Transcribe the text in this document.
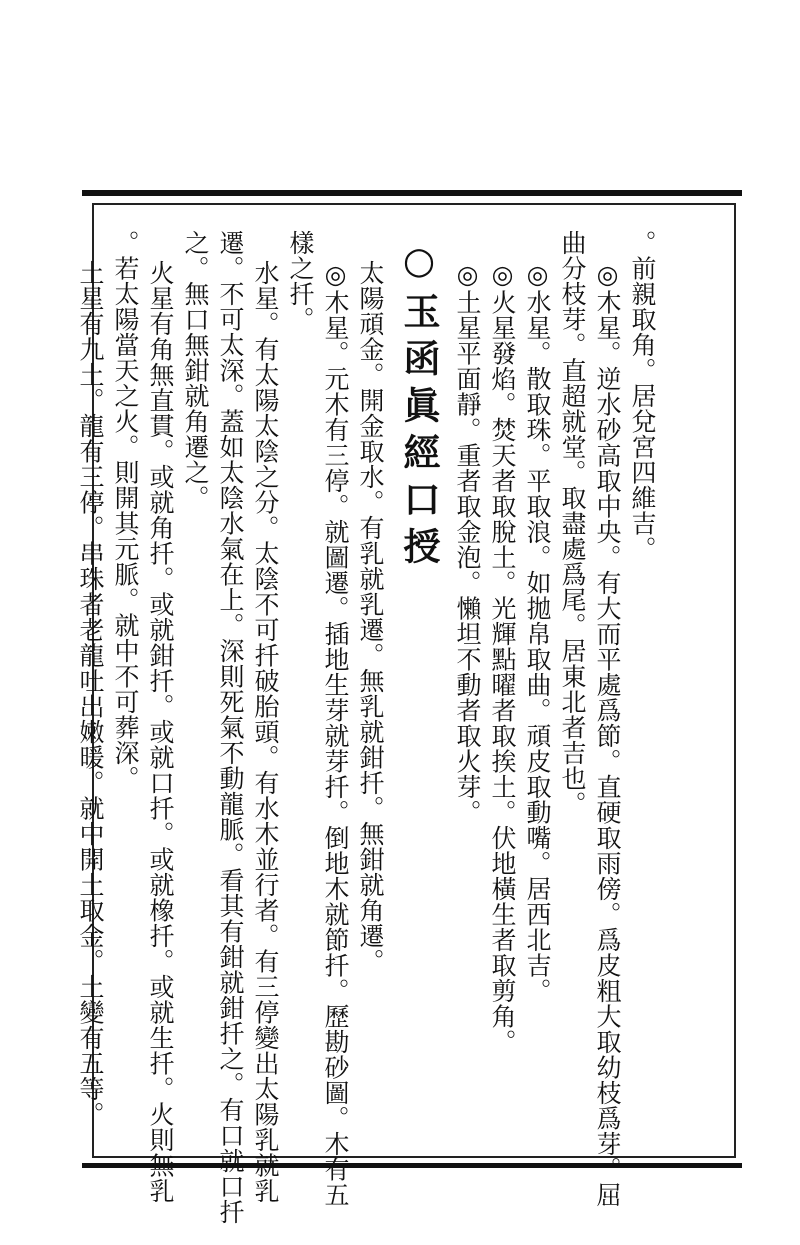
。前親取角。居兌宮四維吉。
◎木星。逆水砂高取中央。有大而平處爲節。直硬取雨傍。爲皮粗大取幼枝爲芽。屈
曲分枝芽。直超就堂。取盡處爲尾。居東北者吉也。
◎水星。散取珠。平取浪。如拋帛取曲。頑皮取動嘴。居西北吉。
◎火星發焰。焚天者取脫土。光輝點曜者取挨土。伏地橫生者取剪角。
◎土星平面靜。重者取金泡。懶坦不動者取火芽。
○玉函眞經口授
太陽頑金。開金取水。有乳就乳遷。無乳就鉗扦。無鉗就角遷。
◎木星。元木有三停。就圖遷。插地生芽就芽扦。倒地木就節扦。歷勘砂圖。木有五
樣之扦。
水星。有太陽太陰之分。太陰不可扦破胎頭。有水木並行者。有三停變出太陽乳就乳
遷。不可太深。蓋如太陰水氣在上。深則死氣不動龍脈。看其有鉗就鉗扦之。有口就口扦
之。無口無鉗就角遷之。
火星有角無直貫。或就角扦。或就鉗扦。或就口扦。或就橡扦。或就生扦。火則無乳
。若太陽當天之火。則開其元脈。就中不可葬深。
土星有九土。龍有三停。串珠者老龍吐出嫩暖。就中開土取金。土變有五等。
